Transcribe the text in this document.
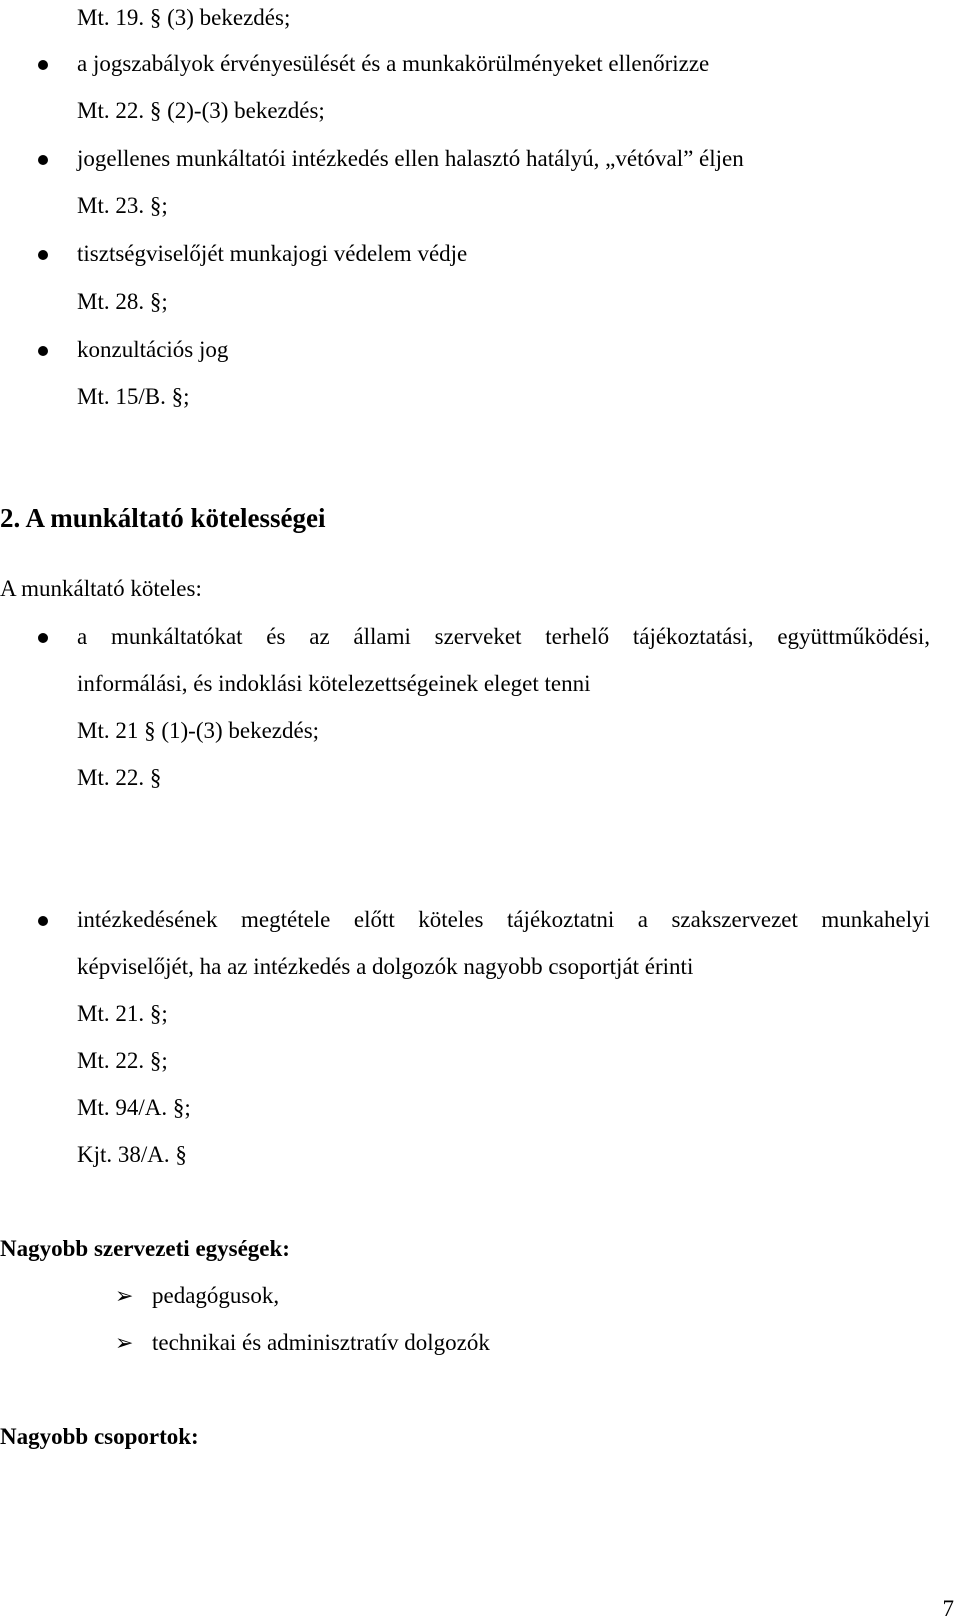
Mt. 19. § (3) bekezdés;
a jogszabályok érvényesülését és a munkakörülményeket ellenőrizze
Mt. 22. § (2)-(3) bekezdés;
jogellenes munkáltatói intézkedés ellen halasztó hatályú, „vétóval” éljen
Mt. 23. §;
tisztségviselőjét munkajogi védelem védje
Mt. 28. §;
konzultációs jog
Mt. 15/B. §;
2. A munkáltató kötelességei
A munkáltató köteles:
a munkáltatókat és az állami szerveket terhelő tájékoztatási, együttműködési,
informálási, és indoklási kötelezettségeinek eleget tenni
Mt. 21 § (1)-(3) bekezdés;
Mt. 22. §
intézkedésének megtétele előtt köteles tájékoztatni a szakszervezet munkahelyi
képviselőjét, ha az intézkedés a dolgozók nagyobb csoportját érinti
Mt. 21. §;
Mt. 22. §;
Mt. 94/A. §;
Kjt. 38/A. §
Nagyobb szervezeti egységek:
➢ pedagógusok,
➢ technikai és adminisztratív dolgozók
Nagyobb csoportok:
7
